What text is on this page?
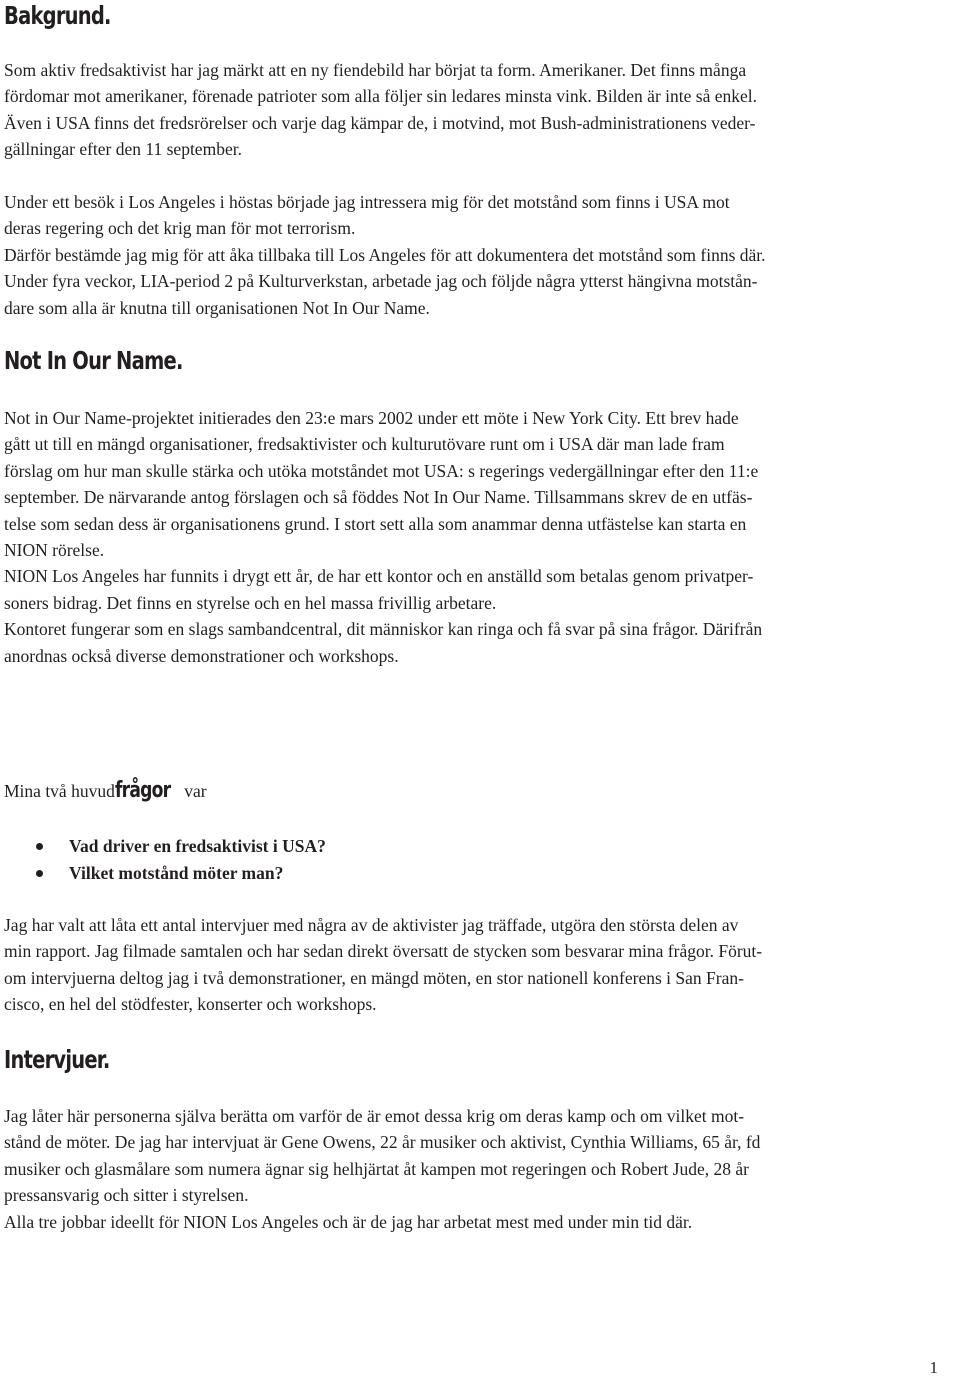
Bakgrund.

Som aktiv fredsaktivist har jag märkt att en ny fiendebild har börjat ta form. Amerikaner. Det finns många
fördomar mot amerikaner, förenade patrioter som alla följer sin ledares minsta vink. Bilden är inte så enkel.
Även i USA finns det fredsrörelser och varje dag kämpar de, i motvind, mot Bush-administrationens veder-
gällningar efter den 11 september.

Under ett besök i Los Angeles i höstas började jag intressera mig för det motstånd som finns i USA mot
deras regering och det krig man för mot terrorism.
Därför bestämde jag mig för att åka tillbaka till Los Angeles för att dokumentera det motstånd som finns där.
Under fyra veckor, LIA-period 2 på Kulturverkstan, arbetade jag och följde några ytterst hängivna motstån-
dare som alla är knutna till organisationen Not In Our Name.

Not In Our Name.

Not in Our Name-projektet initierades den 23:e mars 2002 under ett möte i New York City. Ett brev hade
gått ut till en mängd organisationer, fredsaktivister och kulturutövare runt om i USA där man lade fram
förslag om hur man skulle stärka och utöka motståndet mot USA: s regerings vedergällningar efter den 11:e
september. De närvarande antog förslagen och så föddes Not In Our Name. Tillsammans skrev de en utfäs-
telse som sedan dess är organisationens grund. I stort sett alla som anammar denna utfästelse kan starta en
NION rörelse.
NION Los Angeles har funnits i drygt ett år, de har ett kontor och en anställd som betalas genom privatper-
soners bidrag. Det finns en styrelse och en hel massa frivillig arbetare.
Kontoret fungerar som en slags sambandcentral, dit människor kan ringa och få svar på sina frågor. Därifrån
anordnas också diverse demonstrationer och workshops.

Mina två huvudfrågor var

Vad driver en fredsaktivist i USA?
Vilket motstånd möter man?

Jag har valt att låta ett antal intervjuer med några av de aktivister jag träffade, utgöra den största delen av
min rapport. Jag filmade samtalen och har sedan direkt översatt de stycken som besvarar mina frågor. Förut-
om intervjuerna deltog jag i två demonstrationer, en mängd möten, en stor nationell konferens i San Fran-
cisco, en hel del stödfester, konserter och workshops.

Intervjuer.

Jag låter här personerna själva berätta om varför de är emot dessa krig om deras kamp och om vilket mot-
stånd de möter. De jag har intervjuat är Gene Owens, 22 år musiker och aktivist, Cynthia Williams, 65 år, fd
musiker och glasmålare som numera ägnar sig helhjärtat åt kampen mot regeringen och Robert Jude, 28 år
pressansvarig och sitter i styrelsen.
Alla tre jobbar ideellt för NION Los Angeles och är de jag har arbetat mest med under min tid där.

1
